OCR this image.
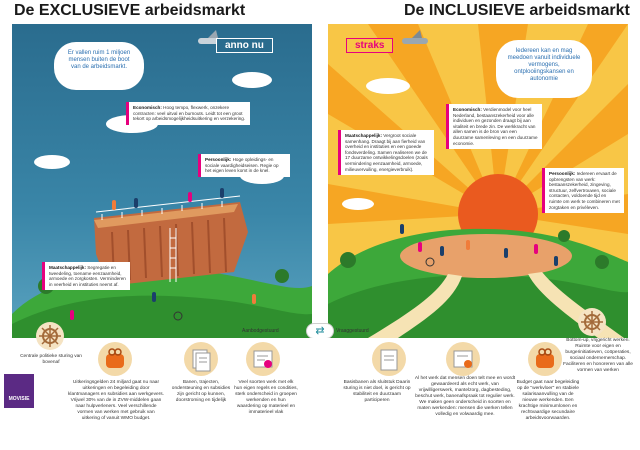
De EXCLUSIEVE arbeidsmarkt	De INCLUSIEVE arbeidsmarkt
anno nu
Er vallen ruim 1 miljoen mensen buiten de boot van de arbeidsmarkt.
Economisch: Hoog tempo, flexwerk, onzekere contracten: veel uitval en burnouts. Leidt tot een groot tekort op arbeidsmogelijkheidsuitkering en verzekering.
Persoonlijk: Hoge opleidings- en sociale vaardigheidseisen. Regie op het eigen leven komt in de knel.
Maatschappelijk: Segregatie en tweedeling, toename eenzaamheid, armoede en zorgkosten. Verminderen in veerheid en instituties neemt af.
straks	Iedereen kan en mag meedoen vanuit individuele vermogens, ontplooiingskansen en autonomie
Economisch: Verdienmodel voor heel Nederland, bestaanszekerheid voor alle individuen en gezonden draagt bij aan vitaliteit en brede zin. De werkkracht van allen samen is de bron van een duurzame samenleving en een duurzame economie.
Maatschappelijk: Vergroot sociale samenhang. Draagt bij aan fierheid van overheid en instituties en een goeede fondsverdeling. Samen realiseren we de 17 duurzame ontwikkelingsdoelen (zoals vermindering eenzaamheid, armoede, milieuvervuiling, energieverbruik).
Persoonlijk: Iedereen ervaart de opbrengsten van werk: bestaanszekerheid, zingeving, structuur, zelfvertrouwen, sociale contacten, voldoende tijd en ruimte om werk te combineren met zorgtaken en privéleven.
⇄
Aanbodgestuurd	Vraaggestuurd
Centrale politieke sturing van bovenaf
Uitkeringsgelden 24 miljard gaat nu naar uitkeringen en begeleiding door klantmanagers en subsidies aan werkgevers. Vrijwel 30% van de in ZVW-middelen gaan naar hulpverleners. Veel verschillende vormen van werken met gebruik van uitkering of vanuit WMO budget.
Banen, trajecten, ondersteuning en subsidies zijn gericht op kunnen, doorstroming en tijdelijk
Veel soorten werk met elk hun eigen regels en condities, sterk onderscheid in groepen werkenden en hun waardering op materieel en immaterieel vlak
MOVISIE
Basisbanen als sluitstuk Daarin sturing is niet doel, is gericht op stabiliteit en duurzaam participeren
Al het werk dat mensen doen telt mee en wordt gewaardeerd als echt werk, van vrijwilligerswerk, mantelzorg, dagbesteding, beschut werk, banenafspraak tot regulier werk. We maken geen onderscheid in soorten en maten werkenden: mensen die werken tellen volledig en volwaardig mee.
Budget gaat naar begeleiding op de "werkvloer" en stabiele salarisaanvulling van de nieuwe werkenden. Een krachtige minimumlonen en rechtvaardige secundaire arbeidsvoorwaarden.
Bottom-up, vrijgericht werken. Ruimte voor eigen en burgerinitiatieven, coöperaties, sociaal ondernemerschap. Faciliteren en honoreren van alle vormen van werken
